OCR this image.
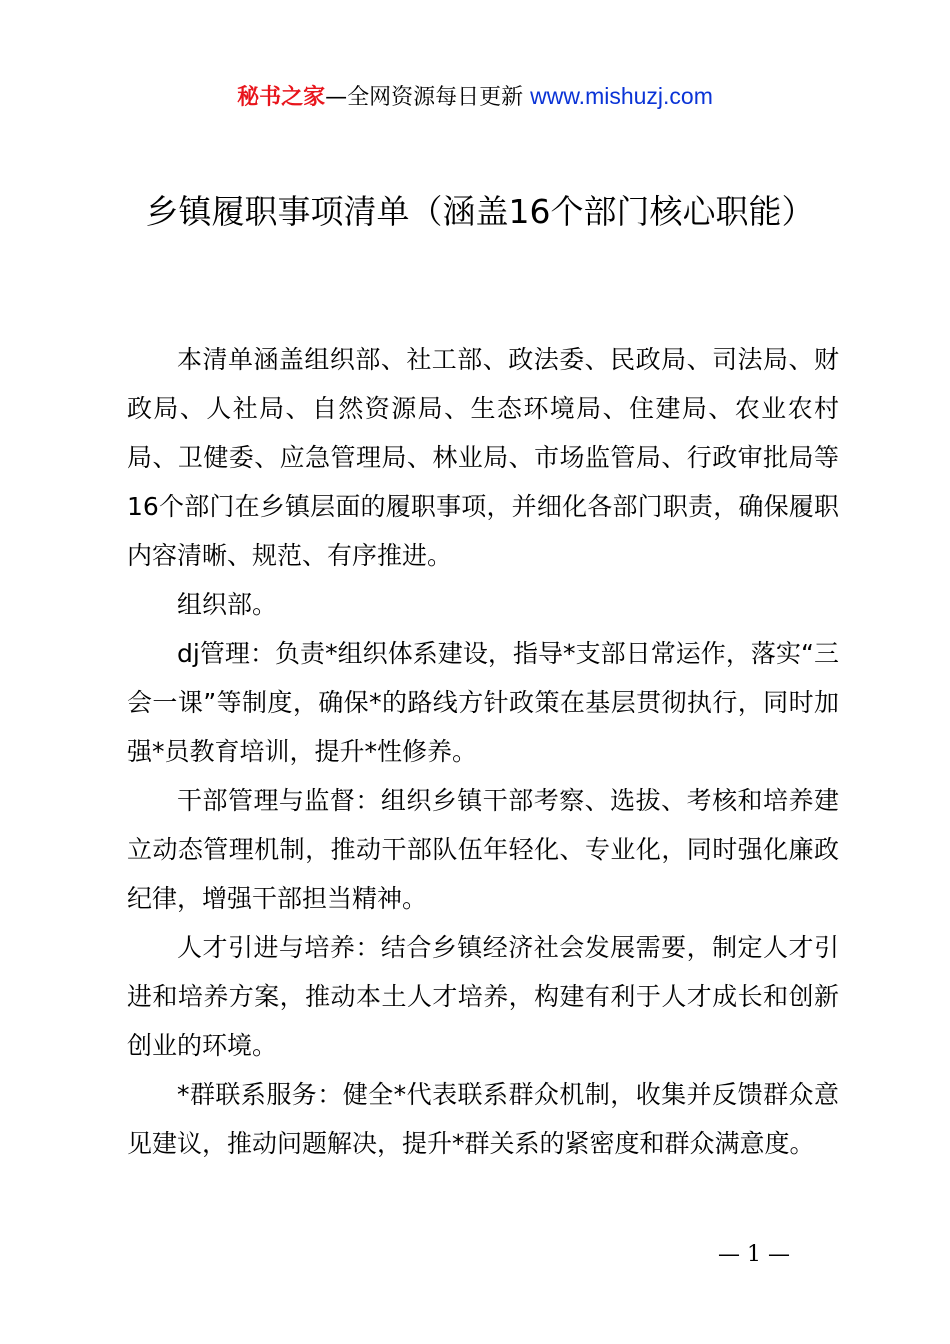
秘书之家—全网资源每日更新 www.mishuzj.com
乡镇履职事项清单（涵盖16个部门核心职能）

本清单涵盖组织部、社工部、政法委、民政局、司法局、财政局、人社局、自然资源局、生态环境局、住建局、农业农村局、卫健委、应急管理局、林业局、市场监管局、行政审批局等16个部门在乡镇层面的履职事项，并细化各部门职责，确保履职内容清晰、规范、有序推进。

组织部。

dj管理：负责*组织体系建设，指导*支部日常运作，落实“三会一课”等制度，确保*的路线方针政策在基层贯彻执行，同时加强*员教育培训，提升*性修养。

干部管理与监督：组织乡镇干部考察、选拔、考核和培养建立动态管理机制，推动干部队伍年轻化、专业化，同时强化廉政纪律，增强干部担当精神。

人才引进与培养：结合乡镇经济社会发展需要，制定人才引进和培养方案，推动本土人才培养，构建有利于人才成长和创新创业的环境。

*群联系服务：健全*代表联系群众机制，收集并反馈群众意见建议，推动问题解决，提升*群关系的紧密度和群众满意度。

— 1 —
